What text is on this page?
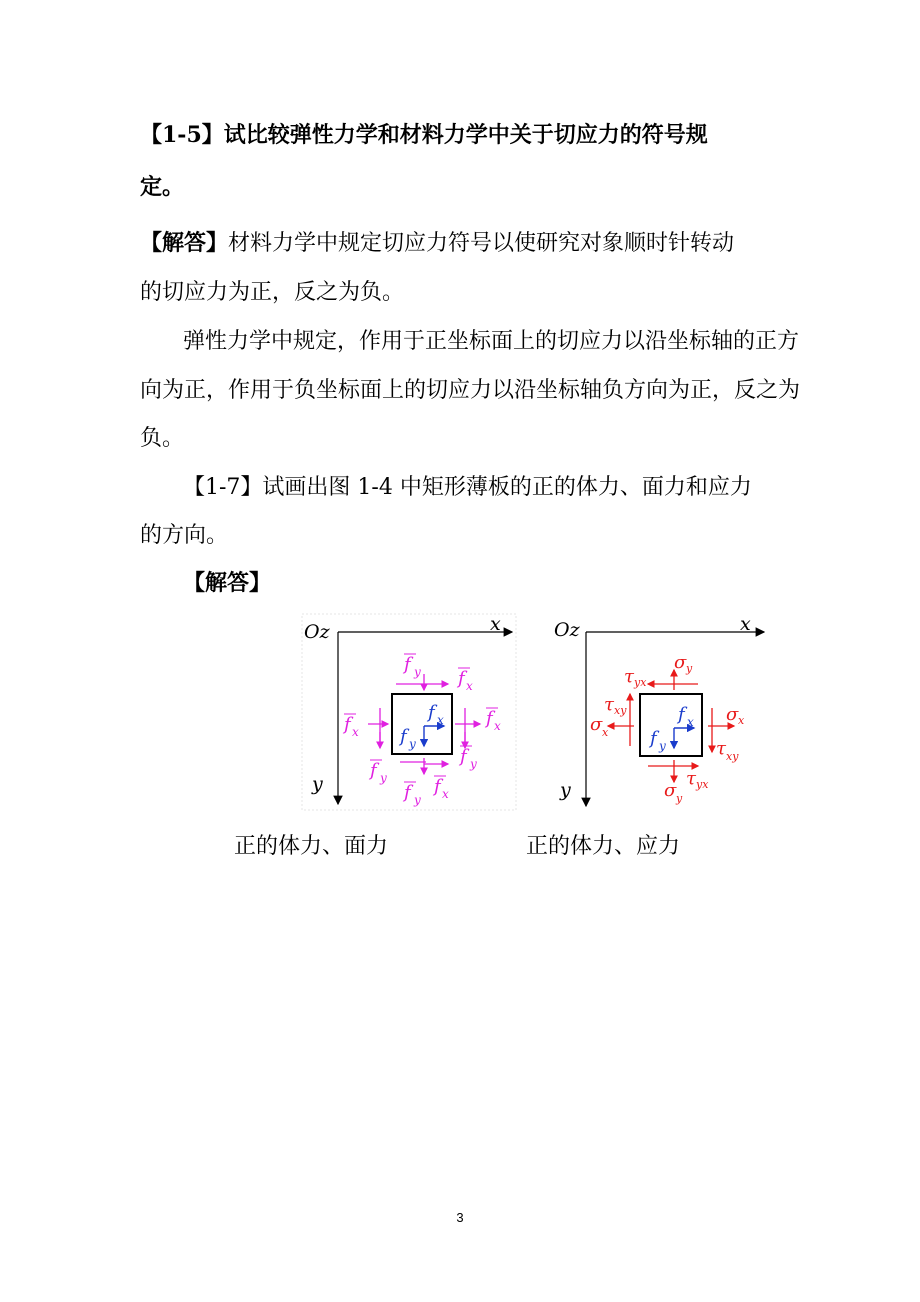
【1-5】试比较弹性力学和材料力学中关于切应力的符号规
定。
【解答】材料力学中规定切应力符号以使研究对象顺时针转动
的切应力为正，反之为负。
弹性力学中规定，作用于正坐标面上的切应力以沿坐标轴的正方
向为正，作用于负坐标面上的切应力以沿坐标轴负方向为正，反之为
负。
【1-7】试画出图 1-4 中矩形薄板的正的体力、面力和应力
的方向。
【解答】
Oz	x
y
f y f x
f x
f x
f y
f y
f y
f x
f x
f y
Oz	x
y
σ y
τ yx
τ xy
σ x
σ x
τ xy
τ yx
σ y
f x
f y
正的体力、面力	正的体力、应力
3
